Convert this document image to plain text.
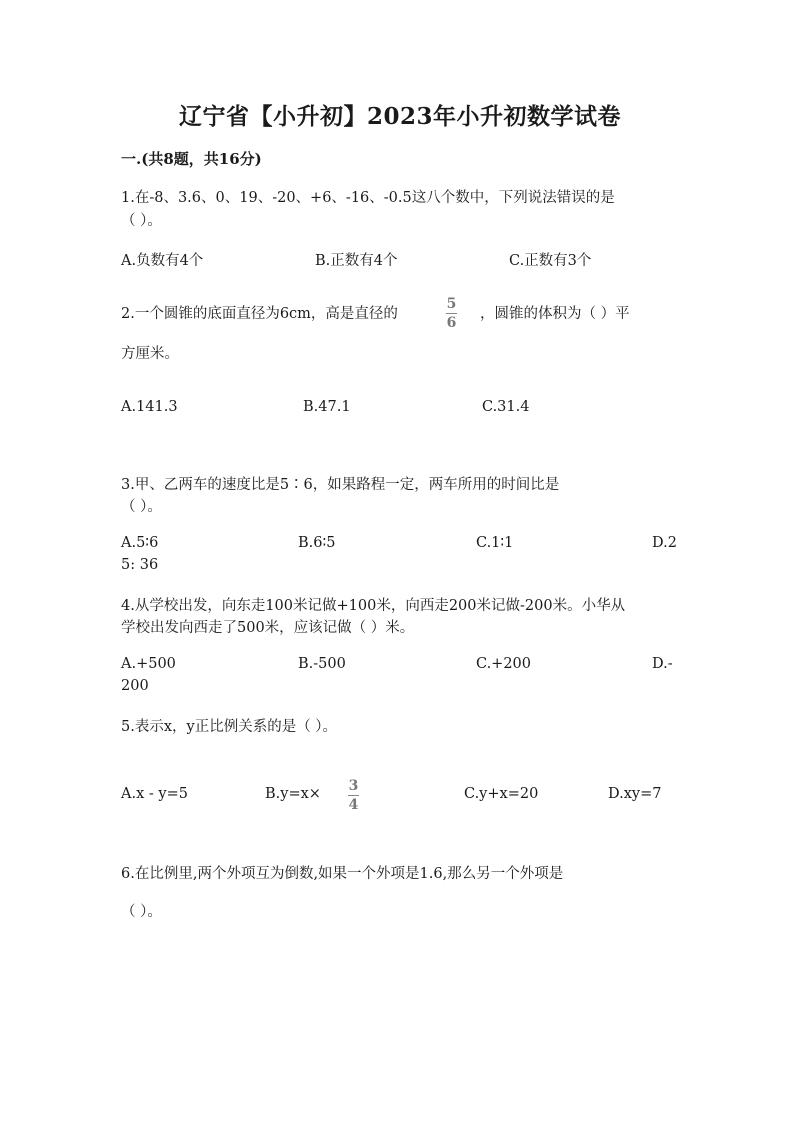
辽宁省【小升初】2023年小升初数学试卷
一.(共8题，共16分)
1.在-8、3.6、0、19、-20、+6、-16、-0.5这八个数中，下列说法错误的是
（ ）。
A.负数有4个	B.正数有4个	C.正数有3个
2.一个圆锥的底面直径为6cm，高是直径的
5
6
，圆锥的体积为（ ）平
方厘米。
A.141.3	B.47.1	C.31.4
3.甲、乙两车的速度比是5∶6，如果路程一定，两车所用的时间比是
（ ）。
A.5∶6	B.6∶5	C.1∶1	D.2
5: 36
4.从学校出发，向东走100米记做+100米，向西走200米记做-200米。小华从
学校出发向西走了500米，应该记做（ ）米。
A.+500	B.-500	C.+200	D.-
200
5.表示x，y正比例关系的是（ ）。
A.x - y=5	B.y=x× 3
4
C.y+x=20	D.xy=7
6.在比例里,两个外项互为倒数,如果一个外项是1.6,那么另一个外项是
（ ）。
